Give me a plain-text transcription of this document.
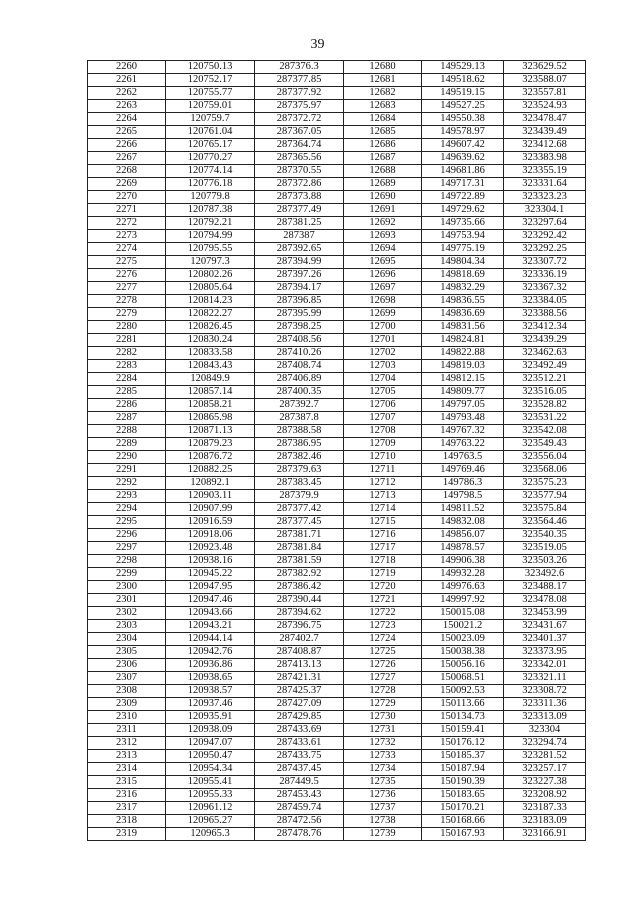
39
2260	120750.13	287376.3	12680	149529.13	323629.52
2261	120752.17	287377.85	12681	149518.62	323588.07
2262	120755.77	287377.92	12682	149519.15	323557.81
2263	120759.01	287375.97	12683	149527.25	323524.93
2264	120759.7	287372.72	12684	149550.38	323478.47
2265	120761.04	287367.05	12685	149578.97	323439.49
2266	120765.17	287364.74	12686	149607.42	323412.68
2267	120770.27	287365.56	12687	149639.62	323383.98
2268	120774.14	287370.55	12688	149681.86	323355.19
2269	120776.18	287372.86	12689	149717.31	323331.64
2270	120779.8	287373.88	12690	149722.89	323323.23
2271	120787.38	287377.49	12691	149729.62	323304.1
2272	120792.21	287381.25	12692	149735.66	323297.64
2273	120794.99	287387	12693	149753.94	323292.42
2274	120795.55	287392.65	12694	149775.19	323292.25
2275	120797.3	287394.99	12695	149804.34	323307.72
2276	120802.26	287397.26	12696	149818.69	323336.19
2277	120805.64	287394.17	12697	149832.29	323367.32
2278	120814.23	287396.85	12698	149836.55	323384.05
2279	120822.27	287395.99	12699	149836.69	323388.56
2280	120826.45	287398.25	12700	149831.56	323412.34
2281	120830.24	287408.56	12701	149824.81	323439.29
2282	120833.58	287410.26	12702	149822.88	323462.63
2283	120843.43	287408.74	12703	149819.03	323492.49
2284	120849.9	287406.89	12704	149812.15	323512.21
2285	120857.14	287400.35	12705	149809.77	323516.05
2286	120858.21	287392.7	12706	149797.05	323528.82
2287	120865.98	287387.8	12707	149793.48	323531.22
2288	120871.13	287388.58	12708	149767.32	323542.08
2289	120879.23	287386.95	12709	149763.22	323549.43
2290	120876.72	287382.46	12710	149763.5	323556.04
2291	120882.25	287379.63	12711	149769.46	323568.06
2292	120892.1	287383.45	12712	149786.3	323575.23
2293	120903.11	287379.9	12713	149798.5	323577.94
2294	120907.99	287377.42	12714	149811.52	323575.84
2295	120916.59	287377.45	12715	149832.08	323564.46
2296	120918.06	287381.71	12716	149856.07	323540.35
2297	120923.48	287381.84	12717	149878.57	323519.05
2298	120938.16	287381.59	12718	149906.38	323503.26
2299	120945.22	287382.92	12719	149932.28	323492.6
2300	120947.95	287386.42	12720	149976.63	323488.17
2301	120947.46	287390.44	12721	149997.92	323478.08
2302	120943.66	287394.62	12722	150015.08	323453.99
2303	120943.21	287396.75	12723	150021.2	323431.67
2304	120944.14	287402.7	12724	150023.09	323401.37
2305	120942.76	287408.87	12725	150038.38	323373.95
2306	120936.86	287413.13	12726	150056.16	323342.01
2307	120938.65	287421.31	12727	150068.51	323321.11
2308	120938.57	287425.37	12728	150092.53	323308.72
2309	120937.46	287427.09	12729	150113.66	323311.36
2310	120935.91	287429.85	12730	150134.73	323313.09
2311	120938.09	287433.69	12731	150159.41	323304
2312	120947.07	287433.61	12732	150176.12	323294.74
2313	120950.47	287433.75	12733	150185.37	323281.52
2314	120954.34	287437.45	12734	150187.94	323257.17
2315	120955.41	287449.5	12735	150190.39	323227.38
2316	120955.33	287453.43	12736	150183.65	323208.92
2317	120961.12	287459.74	12737	150170.21	323187.33
2318	120965.27	287472.56	12738	150168.66	323183.09
2319	120965.3	287478.76	12739	150167.93	323166.91
